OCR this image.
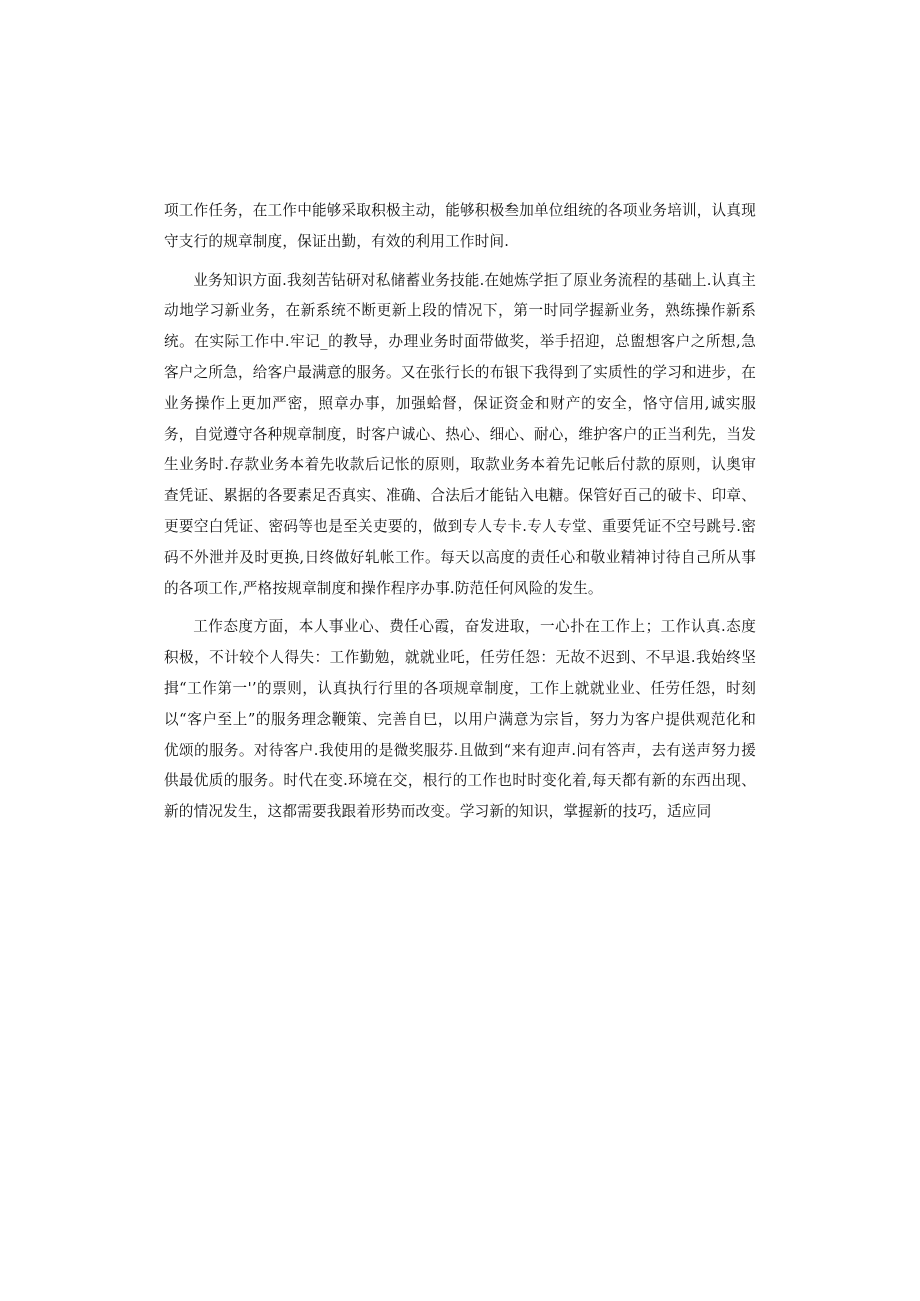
项工作任务，在工作中能够采取积极主动，能够积极叁加单位组统的各项业务培训，认真现守支行的规章制度，保证出勤，有效的利用工作时间.

业务知识方面.我刻苦钻研对私储蓄业务技能.在她炼学拒了原业务流程的基础上.认真主动地学习新业务，在新系统不断更新上段的情况下，第一时同学握新业务，熟练操作新系统。在实际工作中.牢记_的教导，办理业务时面带做奖，举手招迎，总盥想客户之所想,急客户之所急，给客户最满意的服务。又在张行长的布银下我得到了实质性的学习和进步，在业务操作上更加严密，照章办事，加强蛤督，保证资金和财产的安全，恪守信用,诚实服务，自觉遵守各种规章制度，时客户诚心、热心、细心、耐心，维护客户的正当利先，当发生业务时.存款业务本着先收款后记怅的原则，取款业务本着先记帐后付款的原则，认奥审查凭证、累据的各要素足否真实、准确、合法后才能钻入电糖。保管好百己的破卡、印章、更要空白凭证、密码等也是至关吏要的，做到专人专卡.专人专堂、重要凭证不空号跳号.密码不外泄并及时更换,日终做好轧帐工作。每天以高度的责任心和敬业精神讨待自己所从事的各项工作,严格按规章制度和操作程序办事.防范任何风险的发生。

工作态度方面，本人事业心、费任心霞，奋发进取，一心扑在工作上；工作认真.态度积极，不计较个人得失：工作勤勉，就就业吒，任劳任怨：无故不迟到、不早退.我始终坚揖“工作第一'’的票则，认真执行行里的各项规章制度，工作上就就业业、任劳任怨，时刻以“客户至上”的服务理念鞭策、完善自巳，以用户满意为宗旨，努力为客户提供观范化和优颂的服务。对待客户.我使用的是微奖服芬.且做到“来有迎声.问有答声，去有送声努力援供最优质的服务。时代在变.环境在交，根行的工作也时时变化着,每天都有新的东西出现、新的情况发生，这都需要我跟着形势而改变。学习新的知识，掌握新的技巧，适应同
